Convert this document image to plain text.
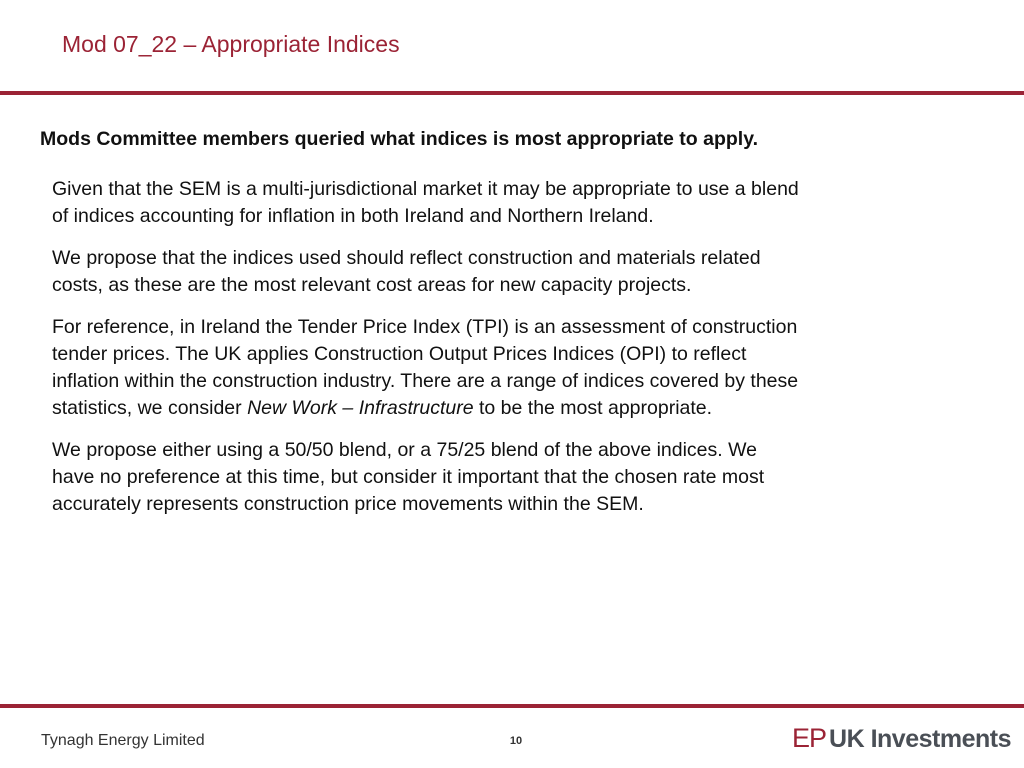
Mod 07_22 – Appropriate Indices
Mods Committee members queried what indices is most appropriate to apply.

Given that the SEM is a multi-jurisdictional market it may be appropriate to use a blend
of indices accounting for inflation in both Ireland and Northern Ireland.

We propose that the indices used should reflect construction and materials related
costs, as these are the most relevant cost areas for new capacity projects.

For reference, in Ireland the Tender Price Index (TPI) is an assessment of construction
tender prices. The UK applies Construction Output Prices Indices (OPI) to reflect
inflation within the construction industry. There are a range of indices covered by these
statistics, we consider New Work – Infrastructure to be the most appropriate.

We propose either using a 50/50 blend, or a 75/25 blend of the above indices. We
have no preference at this time, but consider it important that the chosen rate most
accurately represents construction price movements within the SEM.

Tynagh Energy Limited	10	EP UK Investments
